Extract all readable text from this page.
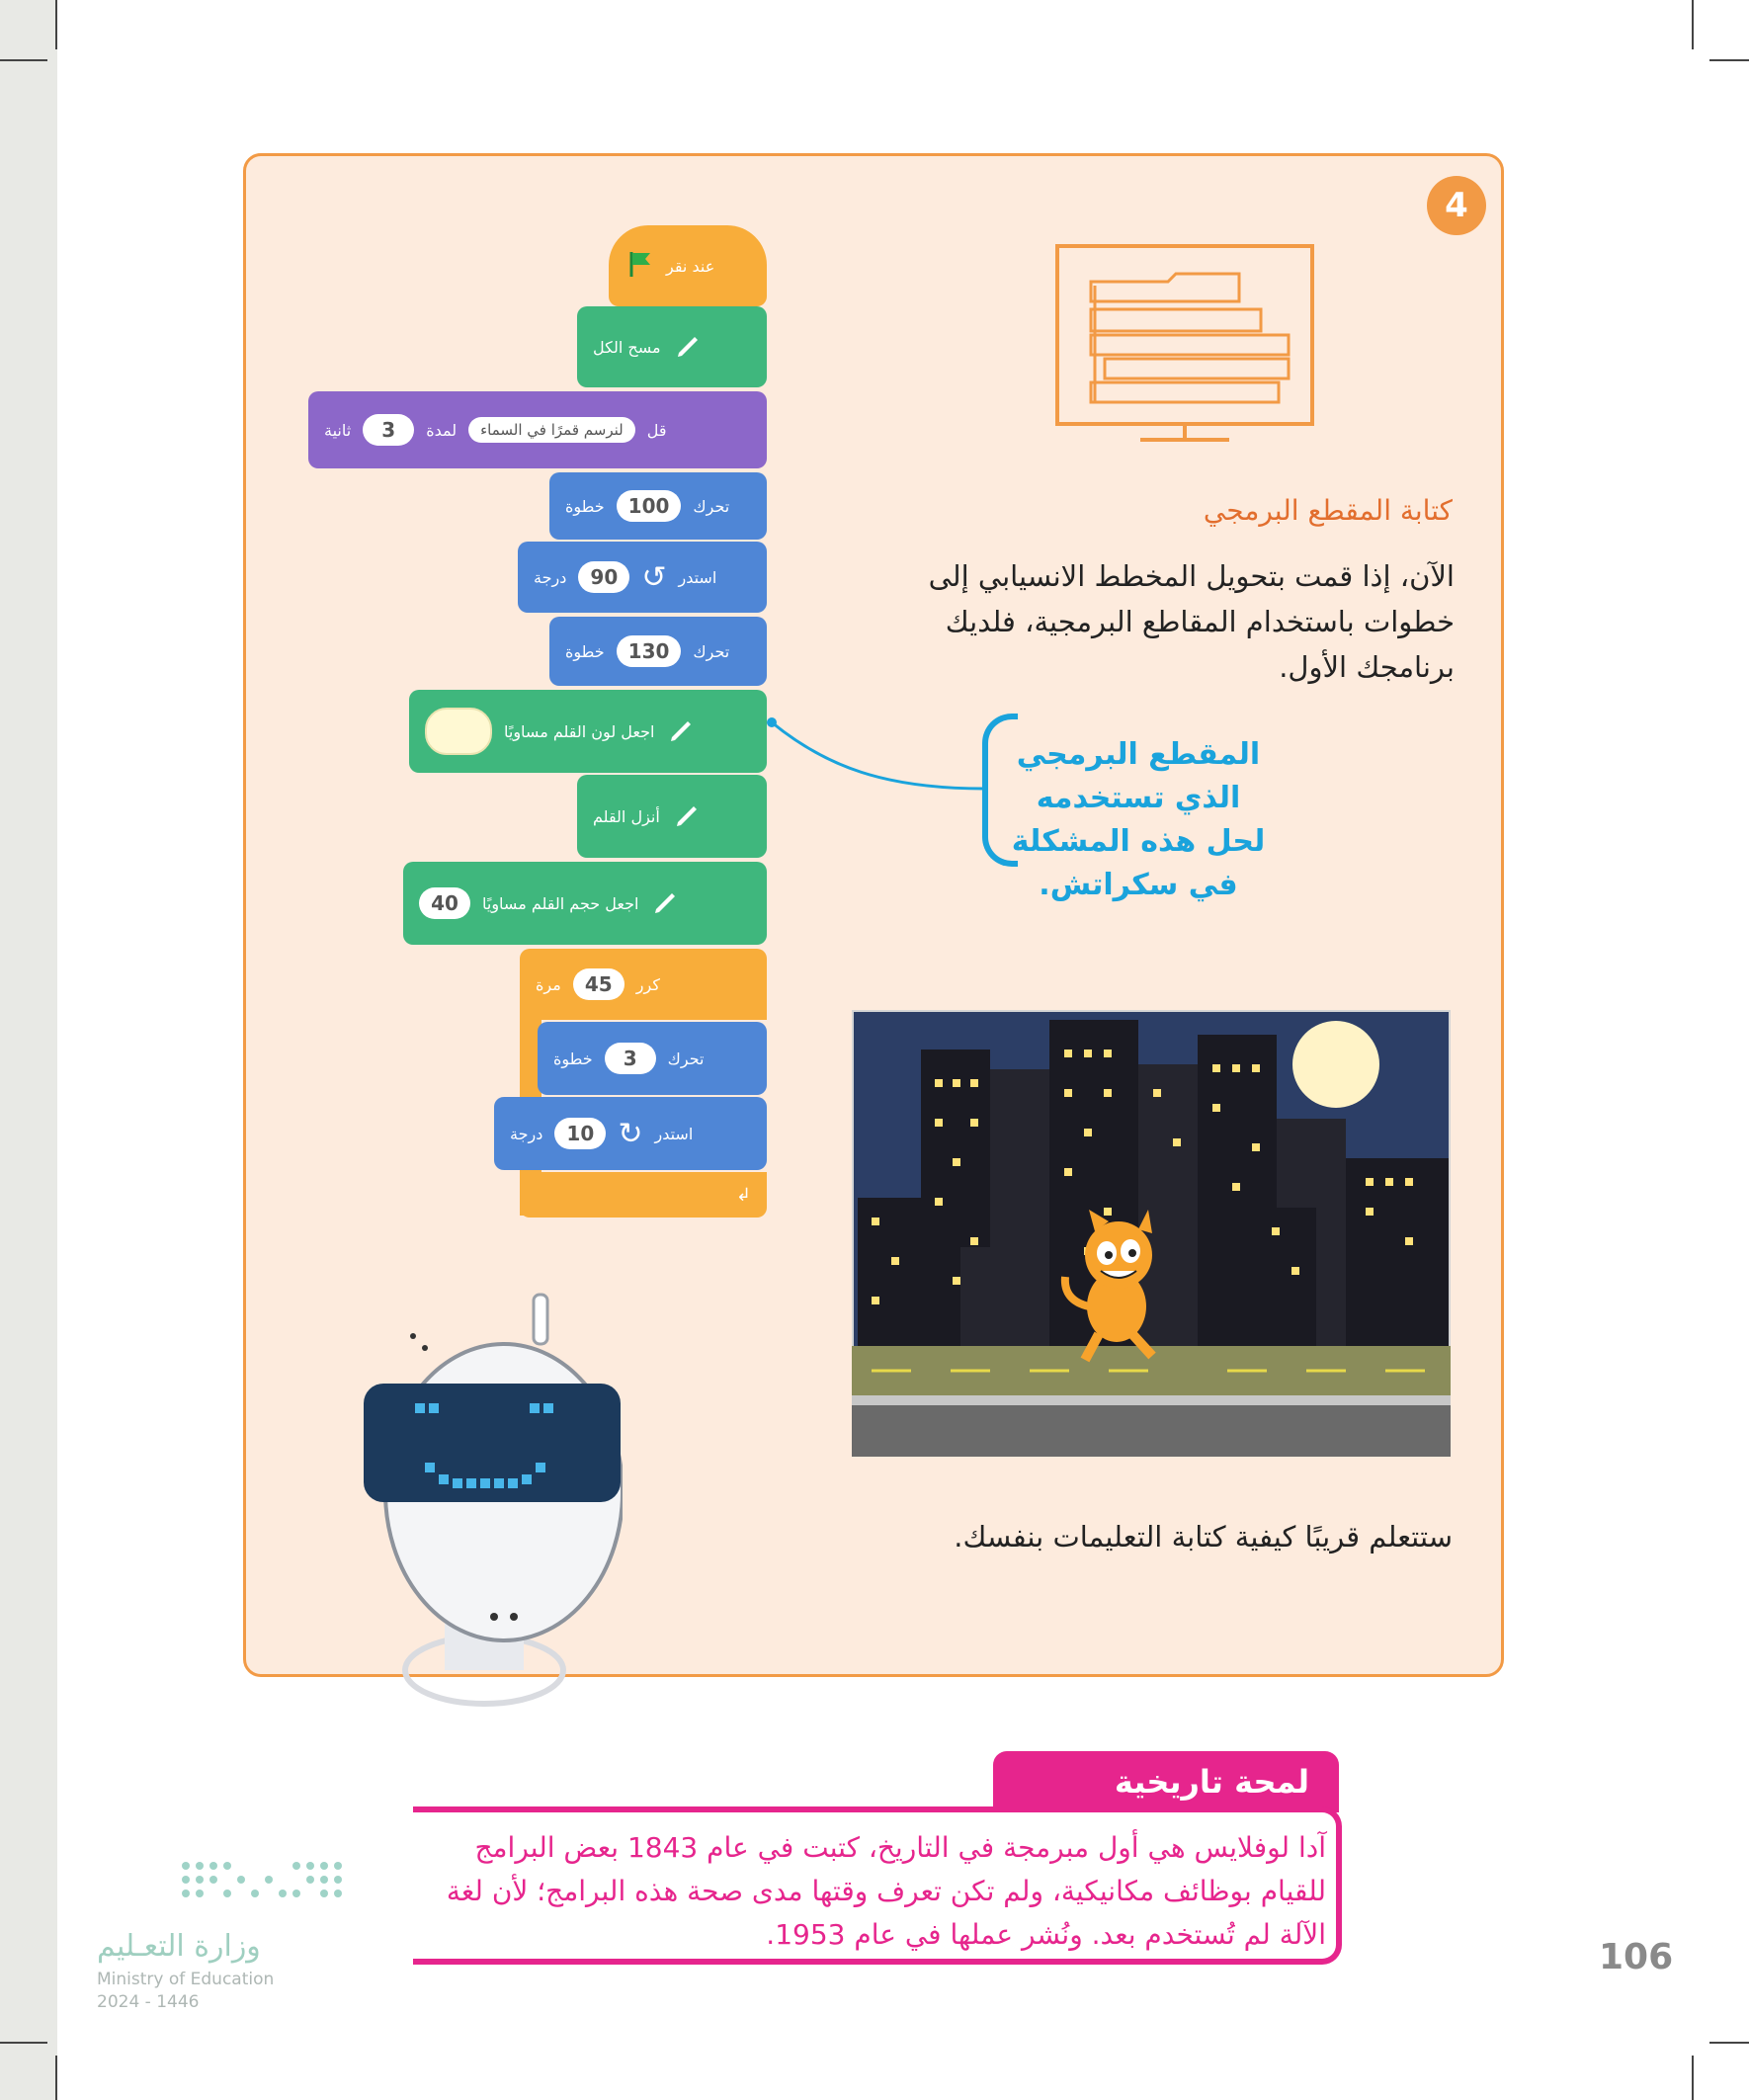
4
كتابة المقطع البرمجي
الآن، إذا قمت بتحويل المخطط الانسيابي إلى خطوات باستخدام المقاطع البرمجية، فلديك برنامجك الأول.
المقطع البرمجي الذي تستخدمه لحل هذه المشكلة في سكراتش.
عند نقر
مسح الكل
قل
لنرسم قمرًا في السماء
لمدة
3
ثانية
تحرك
100
خطوة
استدر
↺
90
درجة
تحرك
130
خطوة
اجعل لون القلم مساويًا
أنزل القلم
اجعل حجم القلم مساويًا
40
كرر
45
مرة
تحرك
3
خطوة
استدر
↻
10
درجة
↲
ستتعلم قريبًا كيفية كتابة التعليمات بنفسك.
لمحة تاريخية
آدا لوفلايس هي أول مبرمجة في التاريخ، كتبت في عام 1843 بعض البرامج للقيام بوظائف مكانيكية، ولم تكن تعرف وقتها مدى صحة هذه البرامج؛ لأن لغة الآلة لم تُستخدم بعد. ونُشر عملها في عام 1953.
106
وزارة التعـليم
Ministry of Education
2024 - 1446
